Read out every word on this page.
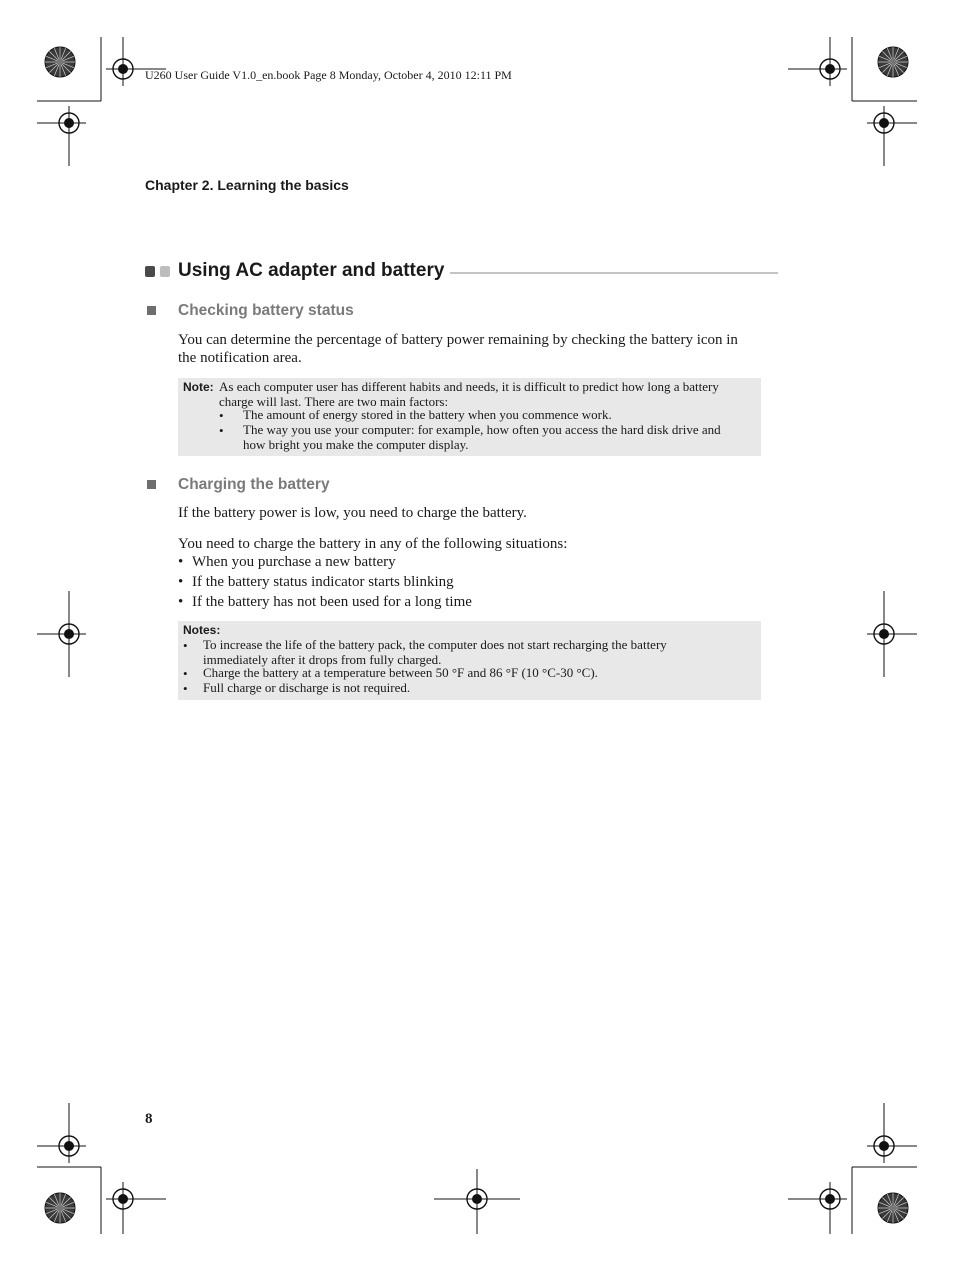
U260 User Guide V1.0_en.book Page 8 Monday, October 4, 2010 12:11 PM
Chapter 2. Learning the basics
Using AC adapter and battery
Checking battery status
You can determine the percentage of battery power remaining by checking the battery icon in
the notification area.
Note: As each computer user has different habits and needs, it is difficult to predict how long a battery
charge will last. There are two main factors:
• The amount of energy stored in the battery when you commence work.
• The way you use your computer: for example, how often you access the hard disk drive and
how bright you make the computer display.
Charging the battery
If the battery power is low, you need to charge the battery.
You need to charge the battery in any of the following situations:
• When you purchase a new battery
• If the battery status indicator starts blinking
• If the battery has not been used for a long time
Notes:
• To increase the life of the battery pack, the computer does not start recharging the battery
immediately after it drops from fully charged.
• Charge the battery at a temperature between 50 °F and 86 °F (10 °C-30 °C).
• Full charge or discharge is not required.
8
